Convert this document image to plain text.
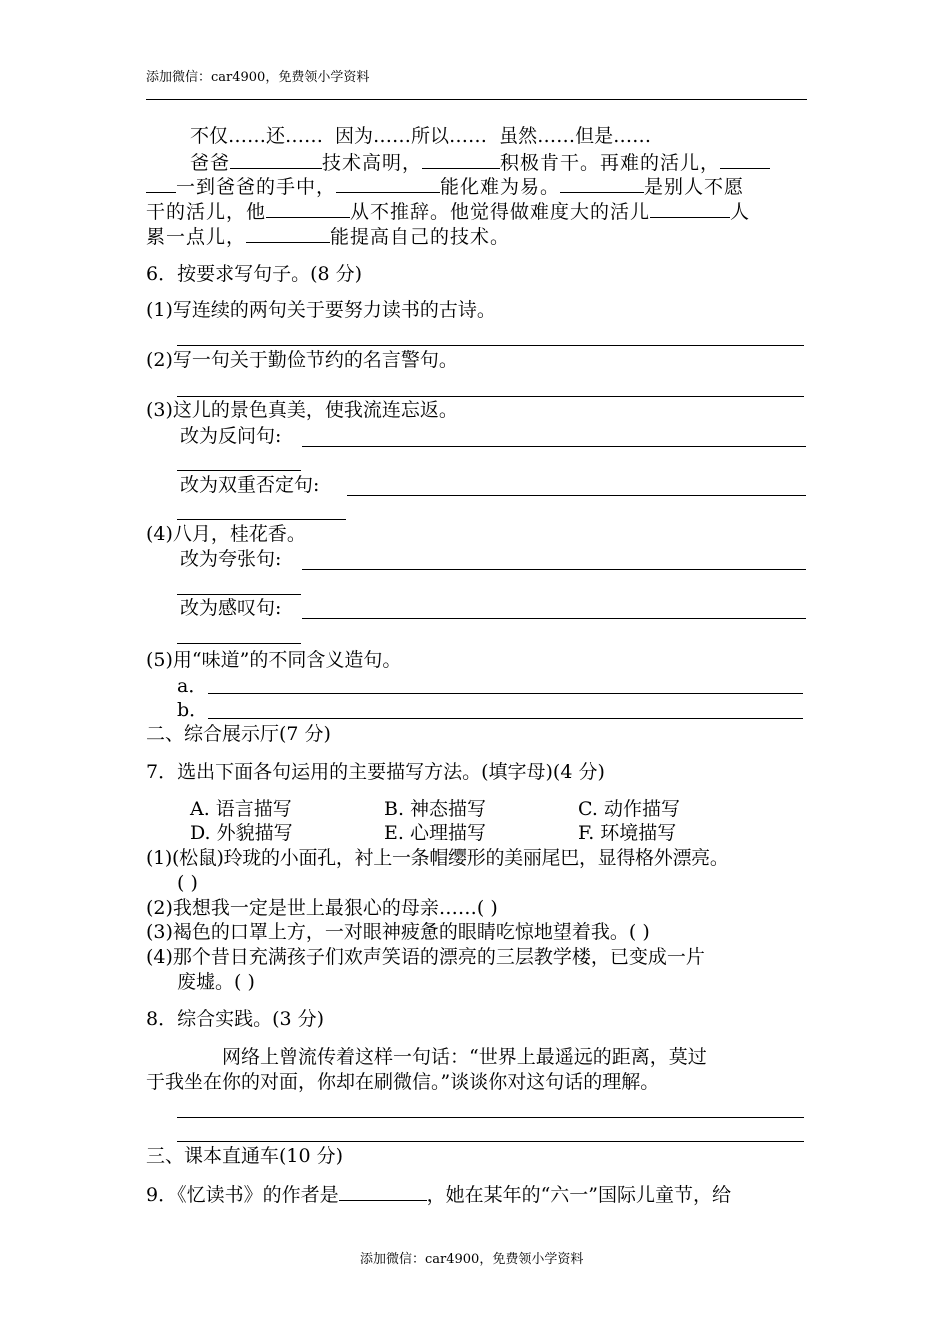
添加微信：car4900，免费领小学资料
不仅……还…… 因为……所以…… 虽然……但是……
爸爸	技术高明，	积极肯干。再难的活儿，
一到爸爸的手中，	能化难为易。	是别人不愿
干的活儿，他	从不推辞。他觉得做难度大的活儿	人
累一点儿，	能提高自己的技术。
6．按要求写句子。(8 分)
(1)写连续的两句关于要努力读书的古诗。
(2)写一句关于勤俭节约的名言警句。
(3)这儿的景色真美，使我流连忘返。
改为反问句:
改为双重否定句:
(4)八月，桂花香。
改为夸张句:
改为感叹句:
(5)用“味道”的不同含义造句。
a．
b．
二、综合展示厅(7 分)
7．选出下面各句运用的主要描写方法。(填字母)(4 分)
A. 语言描写	B. 神态描写	C. 动作描写
D. 外貌描写	E. 心理描写	F. 环境描写
(1)(松鼠)玲珑的小面孔，衬上一条帽缨形的美丽尾巴，显得格外漂亮。
( )
(2)我想我一定是世上最狠心的母亲……( )
(3)褐色的口罩上方，一对眼神疲惫的眼睛吃惊地望着我。( )
(4)那个昔日充满孩子们欢声笑语的漂亮的三层教学楼，已变成一片
废墟。( )
8．综合实践。(3 分)
网络上曾流传着这样一句话：“世界上最遥远的距离，莫过
于我坐在你的对面，你却在刷微信。”谈谈你对这句话的理解。
三、课本直通车(10 分)
9．《忆读书》的作者是	，她在某年的“六一”国际儿童节，给
添加微信：car4900，免费领小学资料
